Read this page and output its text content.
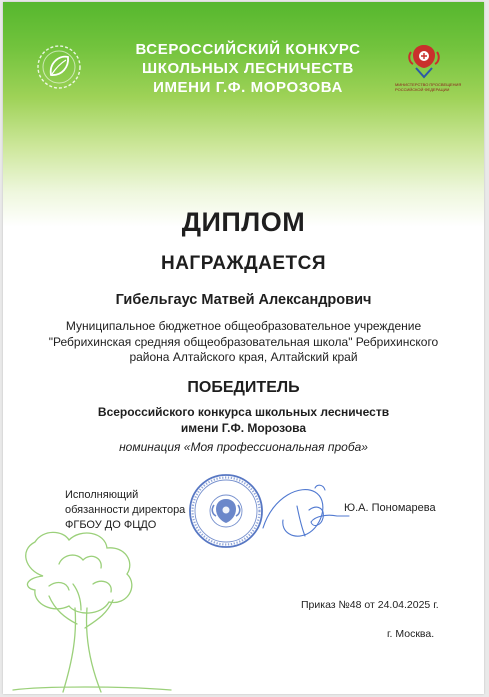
ВСЕРОССИЙСКИЙ КОНКУРС
ШКОЛЬНЫХ ЛЕСНИЧЕСТВ
ИМЕНИ Г.Ф. МОРОЗОВА	МИНИСТЕРСТВО ПРОСВЕЩЕНИЯ
РОССИЙСКОЙ ФЕДЕРАЦИИ
ДИПЛОМ
НАГРАЖДАЕТСЯ
Гибельгаус Матвей Александрович
Муниципальное бюджетное общеобразовательное учреждение
"Ребрихинская средняя общеобразовательная школа" Ребрихинского
района Алтайского края, Алтайский край
ПОБЕДИТЕЛЬ
Всероссийского конкурса школьных лесничеств
имени Г.Ф. Морозова
номинация «Моя профессиональная проба»
Исполняющий
обязанности директора
ФГБОУ ДО ФЦДО
Ю.А. Пономарева
Приказ №48 от 24.04.2025 г.
г. Москва.
